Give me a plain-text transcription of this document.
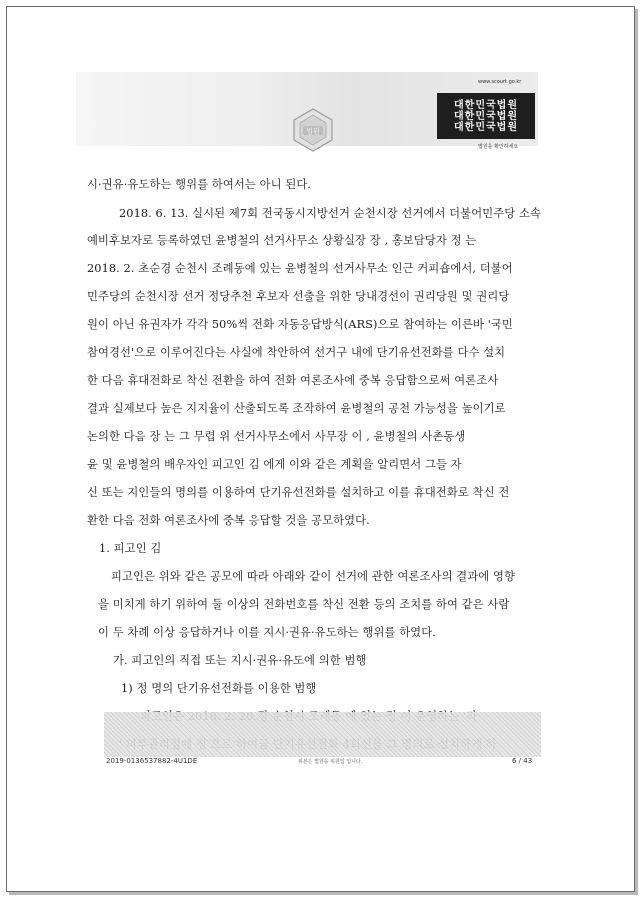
법원
www.scourt.go.kr
대한민국법원
대한민국법원
대한민국법원
법원을 확인하세요
시·권유·유도하는 행위를 하여서는 아니 된다.
2018. 6. 13. 실시된 제7회 전국동시지방선거 순천시장 선거에서 더불어민주당 소속
예비후보자로 등록하였던 윤병철의 선거사무소 상황실장 장 , 홍보담당자 정 는
2018. 2. 초순경 순천시 조례동에 있는 윤병철의 선거사무소 인근 커피숍에서, 더불어
민주당의 순천시장 선거 정당추천 후보자 선출을 위한 당내경선이 권리당원 및 권리당
원이 아닌 유권자가 각각 50%씩 전화 자동응답방식(ARS)으로 참여하는 이른바 '국민
참여경선'으로 이루어진다는 사실에 착안하여 선거구 내에 단기유선전화를 다수 설치
한 다음 휴대전화로 착신 전환을 하여 전화 여론조사에 중복 응답함으로써 여론조사
결과 실제보다 높은 지지율이 산출되도록 조작하여 윤병철의 공천 가능성을 높이기로
논의한 다음 장 는 그 무렵 위 선거사무소에서 사무장 이 , 윤병철의 사촌동생
윤 및 윤병철의 배우자인 피고인 김 에게 이와 같은 계획을 알리면서 그들 자
신 또는 지인들의 명의를 이용하여 단기유선전화를 설치하고 이를 휴대전화로 착신 전
환한 다음 전화 여론조사에 중복 응답할 것을 공모하였다.
1. 피고인 김
피고인은 위와 같은 공모에 따라 아래와 같이 선거에 관한 여론조사의 결과에 영향
을 미치게 하기 위하여 둘 이상의 전화번호를 착신 전환 등의 조치를 하여 같은 사람
이 두 차례 이상 응답하거나 이를 지시·권유·유도하는 행위를 하였다.
가. 피고인의 직접 또는 지시·권유·유도에 의한 범행
1) 정 명의 단기유선전화를 이용한 범행
2019-0136537882-4U1DE	위본은 법원을 위원입 입니다.	6 / 43
